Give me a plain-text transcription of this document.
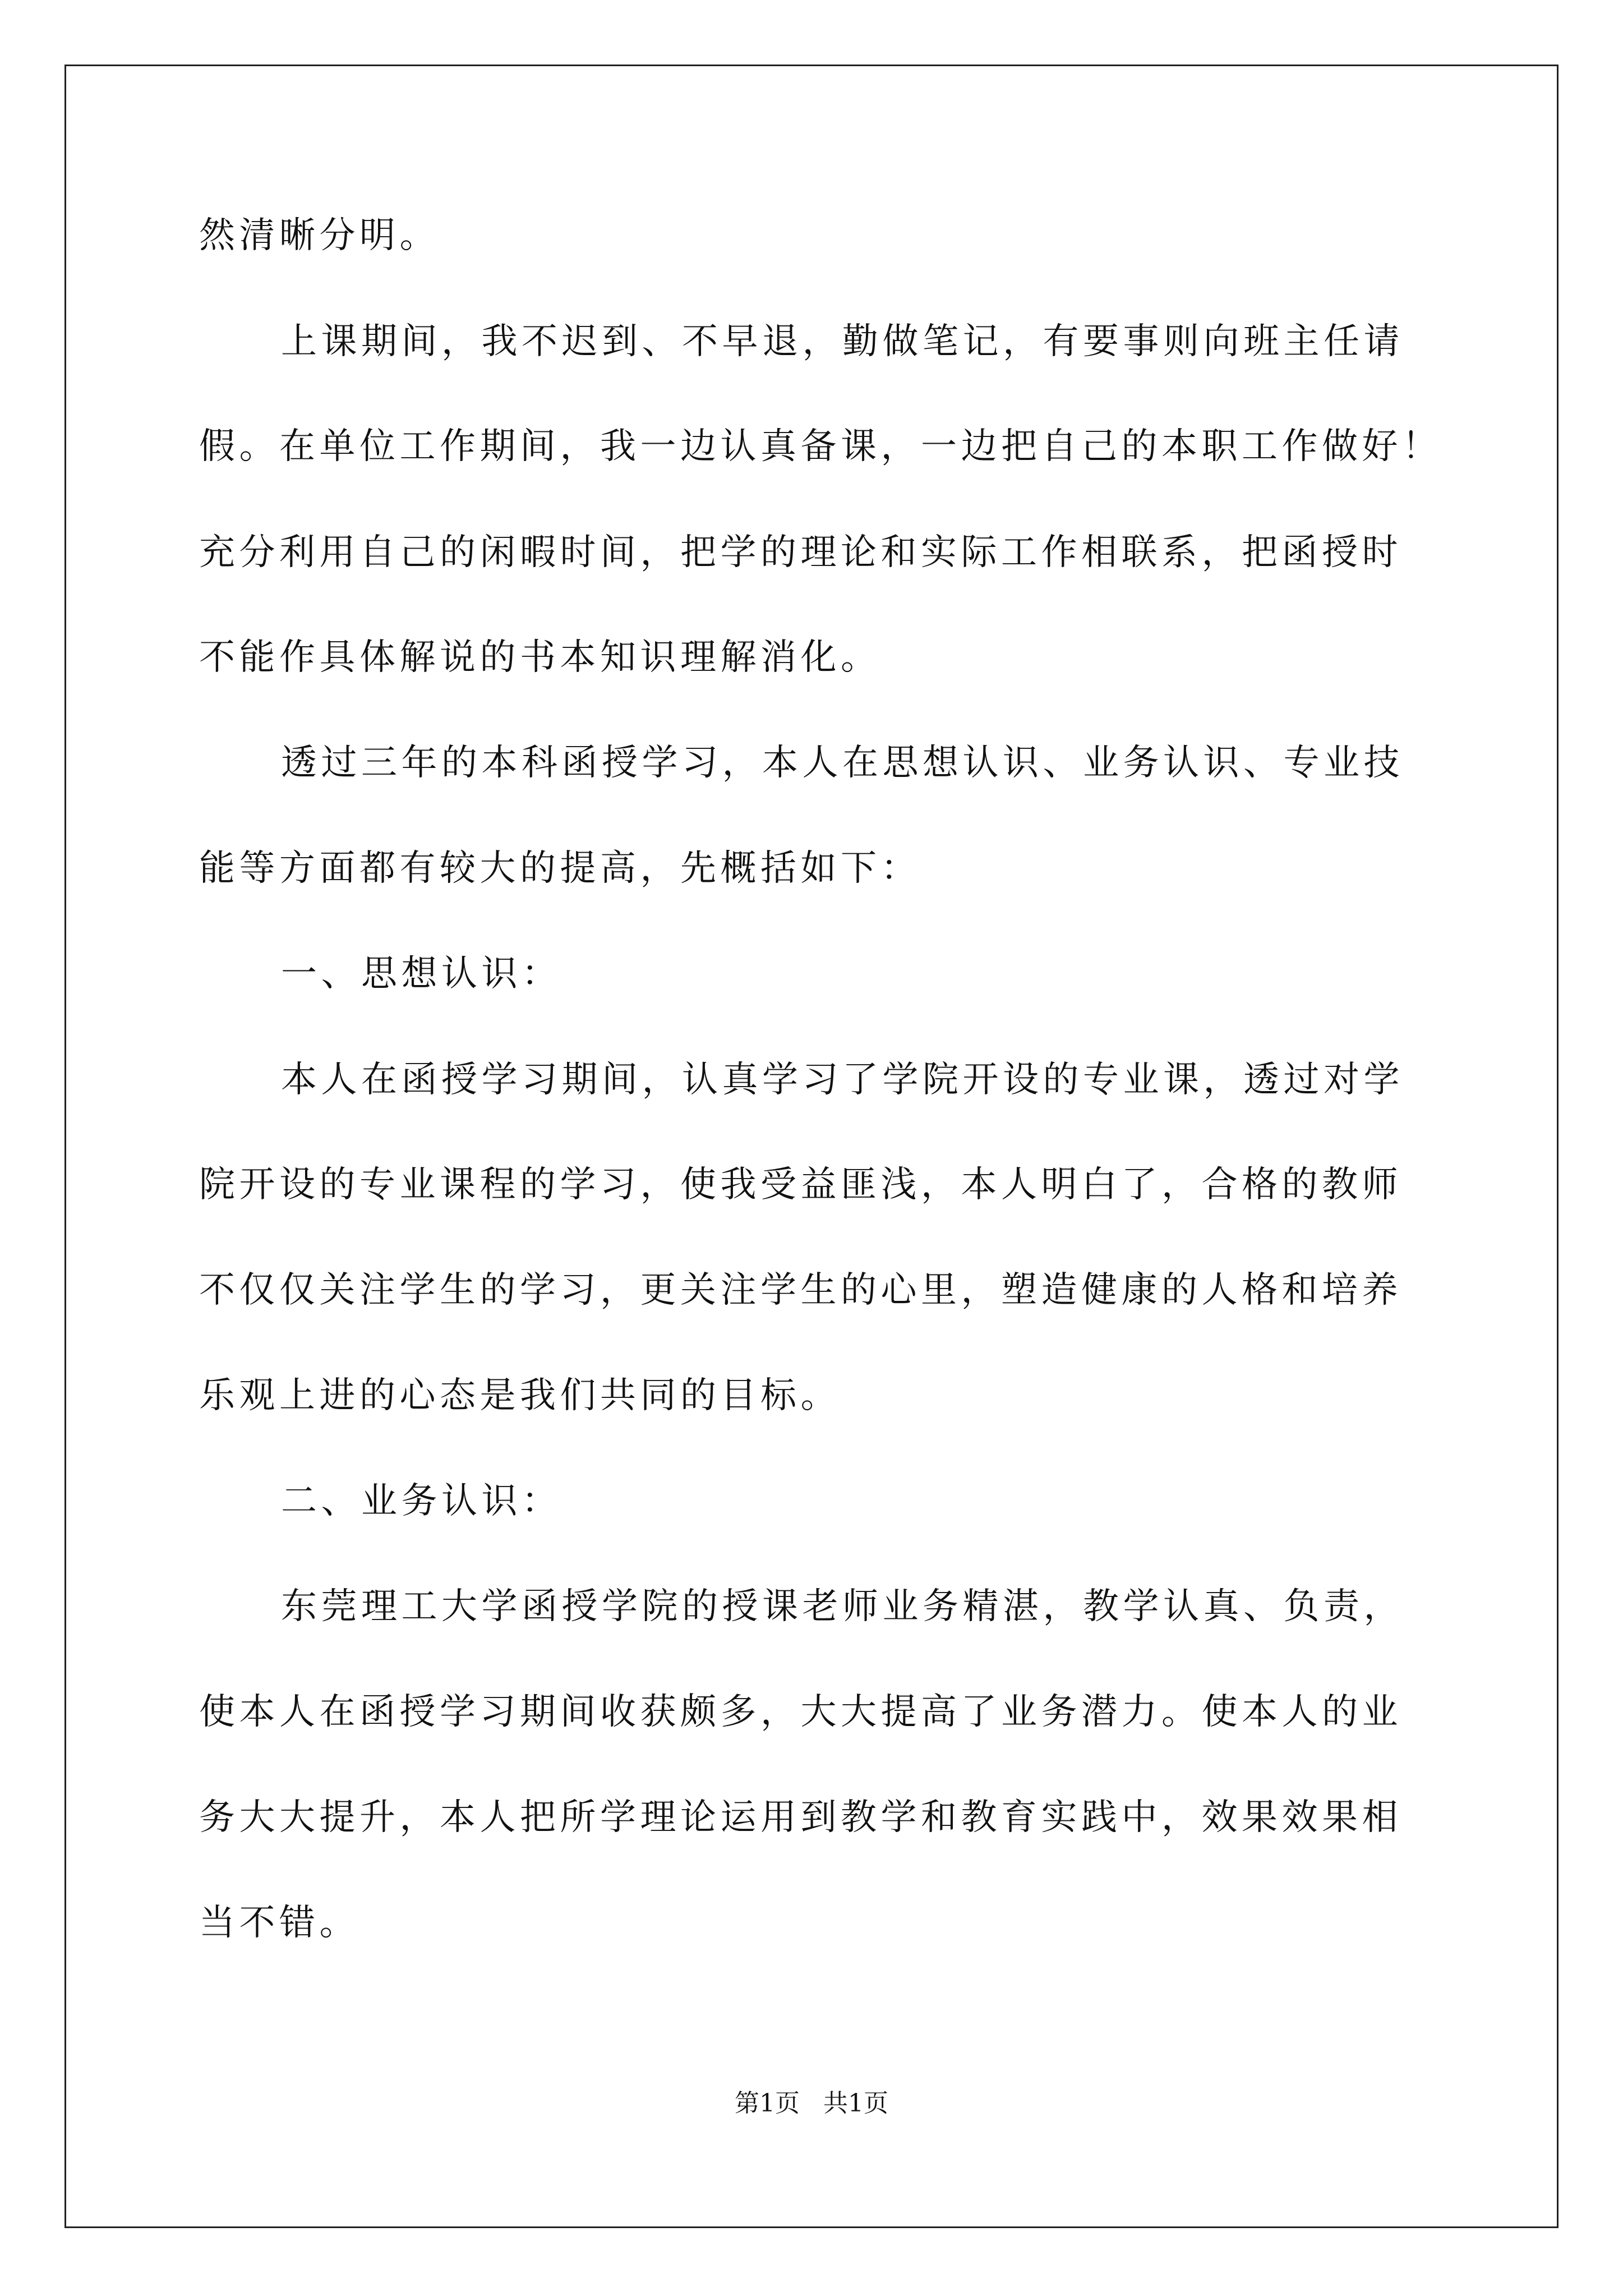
然清晰分明。
上课期间，我不迟到、不早退，勤做笔记，有要事则向班主任请
假。在单位工作期间，我一边认真备课，一边把自己的本职工作做好！
充分利用自己的闲暇时间，把学的理论和实际工作相联系，把函授时
不能作具体解说的书本知识理解消化。
透过三年的本科函授学习，本人在思想认识、业务认识、专业技
能等方面都有较大的提高，先概括如下：
一、思想认识：
本人在函授学习期间，认真学习了学院开设的专业课，透过对学
院开设的专业课程的学习，使我受益匪浅，本人明白了，合格的教师
不仅仅关注学生的学习，更关注学生的心里，塑造健康的人格和培养
乐观上进的心态是我们共同的目标。
二、业务认识：
东莞理工大学函授学院的授课老师业务精湛，教学认真、负责，
使本人在函授学习期间收获颇多，大大提高了业务潜力。使本人的业
务大大提升，本人把所学理论运用到教学和教育实践中，效果效果相
当不错。
第1页   共1页
